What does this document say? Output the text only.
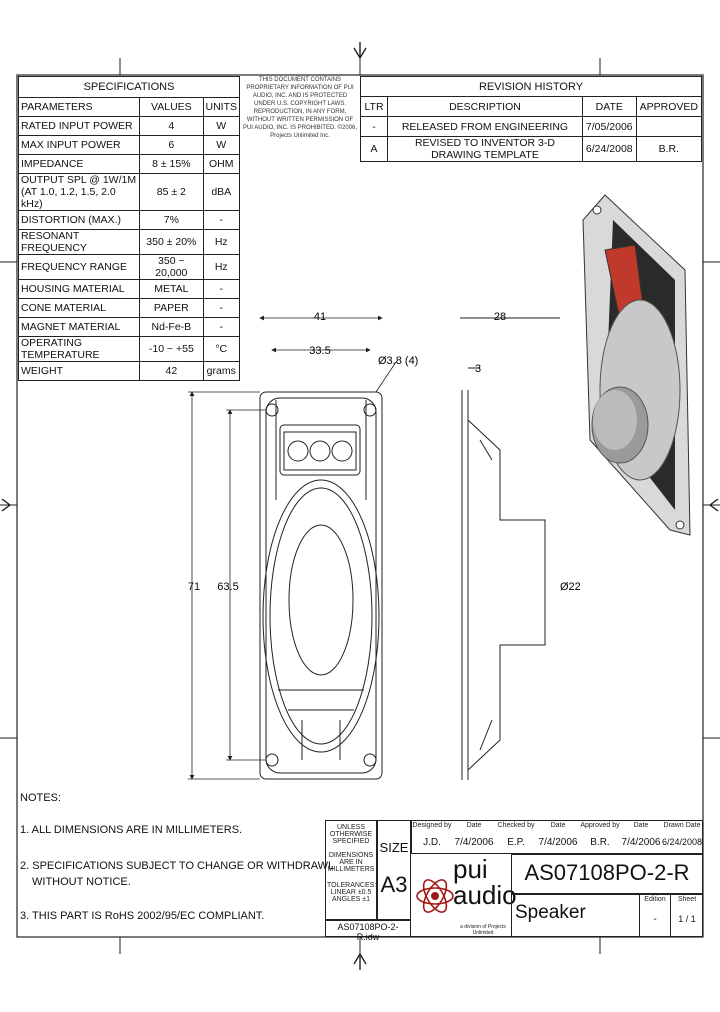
SPECIFICATIONS		
PARAMETERS	VALUES	UNITS
RATED INPUT POWER	4	W
MAX INPUT POWER	6	W
IMPEDANCE	8 ± 15%	OHM
OUTPUT SPL @ 1W/1M (AT 1.0, 1.2, 1.5, 2.0 kHz)	85 ± 2	dBA
DISTORTION (MAX.)	7%	-
RESONANT FREQUENCY	350 ± 20%	Hz
FREQUENCY RANGE	350 ~ 20,000	Hz
HOUSING MATERIAL	METAL	-
CONE MATERIAL	PAPER	-
MAGNET MATERIAL	Nd-Fe-B	-
OPERATING TEMPERATURE	-10 ~ +55	°C
WEIGHT	42	grams
THIS DOCUMENT CONTAINS PROPRIETARY INFORMATION OF PUI AUDIO, INC. AND IS PROTECTED UNDER U.S. COPYRIGHT LAWS. REPRODUCTION, IN ANY FORM, WITHOUT WRITTEN PERMISSION OF PUI AUDIO, INC. IS PROHIBITED. ©2006, Projects Unlimited Inc.
REVISION HISTORY			
LTR	DESCRIPTION	DATE	APPROVED
-	RELEASED FROM ENGINEERING	7/05/2006	
A	REVISED TO INVENTOR 3-D DRAWING TEMPLATE	6/24/2008	B.R.
41
33.5
Ø3.8 (4)
71 63.5
28
3
Ø22
NOTES:
1. ALL DIMENSIONS ARE IN MILLIMETERS.
2. SPECIFICATIONS SUBJECT TO CHANGE OR WITHDRAWL
WITHOUT NOTICE.
3. THIS PART IS RoHS 2002/95/EC COMPLIANT.
UNLESS OTHERWISE SPECIFIED
DIMENSIONS ARE IN MILLIMETERS
TOLERANCES: LINEAR ±0.5 ANGLES ±1
AS07108PO-2-R.idw
SIZE
A3
Designed by
J.D.
Date
7/4/2006
Checked by
E.P.
Date
7/4/2006
Approved by
B.R.
Date
7/4/2006
Drawn Date
6/24/2008
pui
audio
a division of Projects Unlimited
AS07108PO-2-R
Speaker
Edition
-
Sheet
1 / 1
